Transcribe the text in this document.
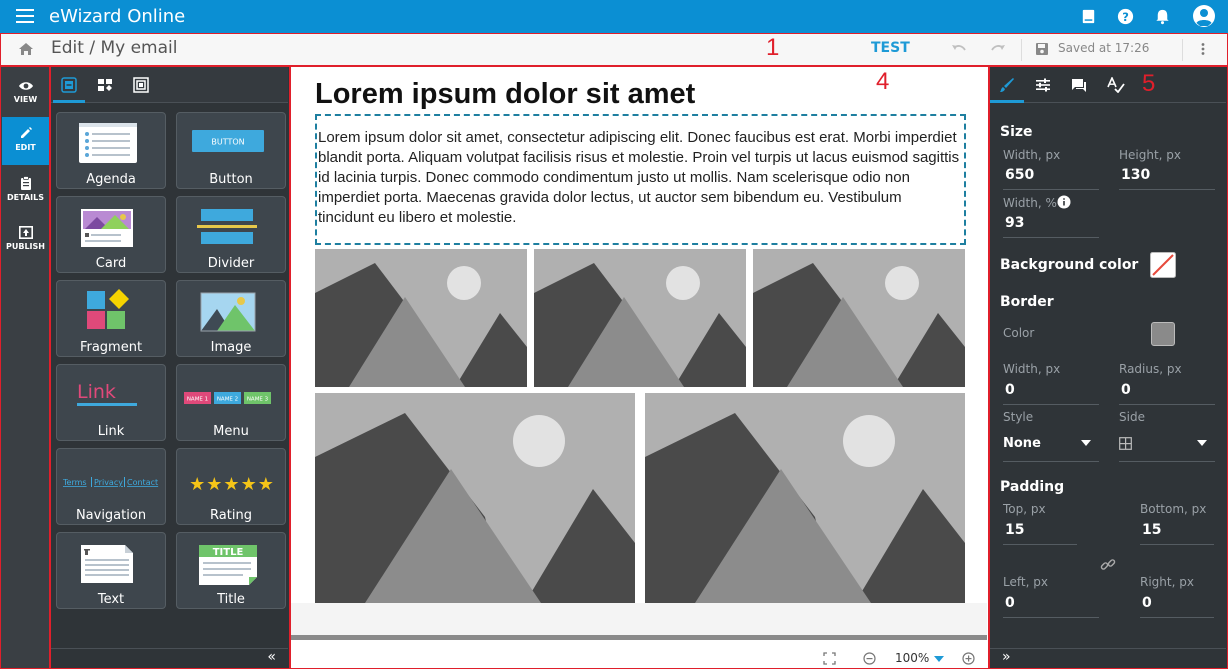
eWizard Online	?
Edit / My email	TEST	Saved at 17:26
1
4	5
VIEW
EDIT
DETAILS
PUBLISH
Agenda
BUTTON
Button
Card	Divider
Fragment	Image
Link
Link
NAME 1 NAME 2 NAME 3
Menu
Terms Privacy Contact
Navigation
★★★★★
Rating
Text
TITLE
Title
«
Lorem ipsum dolor sit amet
Lorem ipsum dolor sit amet, consectetur adipiscing elit. Donec faucibus est erat. Morbi imperdiet blandit porta. Aliquam volutpat facilisis risus et molestie. Proin vel turpis ut lacus euismod sagittis id lacinia turpis. Donec commodo condimentum justo ut mollis. Nam scelerisque odio non imperdiet porta. Maecenas gravida dolor lectus, ut auctor sem bibendum eu. Vestibulum tincidunt eu libero et molestie.
100%
Size
Width, px
650
Height, px
130
Width, %
93
Background color
Border
Color
Width, px
0
Radius, px
0
Style
None
Side
Padding
Top, px
15
Bottom, px
15
Left, px
0
Right, px
0
»
